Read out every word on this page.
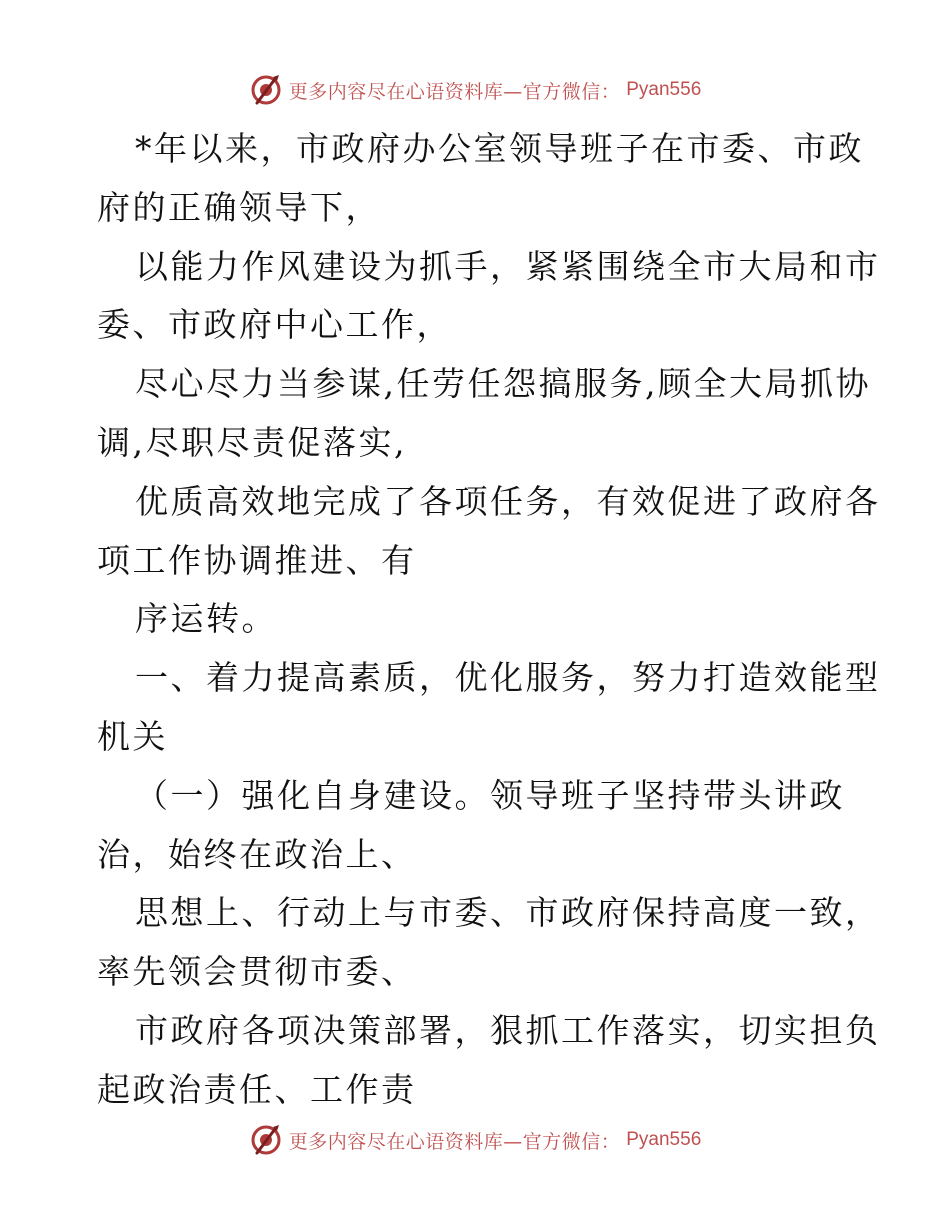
更多内容尽在心语资料库—官方微信： Pyan556
*年以来，市政府办公室领导班子在市委、市政
府的正确领导下，
以能力作风建设为抓手，紧紧围绕全市大局和市
委、市政府中心工作，
尽心尽力当参谋,任劳任怨搞服务,顾全大局抓协
调,尽职尽责促落实,
优质高效地完成了各项任务，有效促进了政府各
项工作协调推进、有
序运转。
一、着力提高素质，优化服务，努力打造效能型
机关
（一）强化自身建设。领导班子坚持带头讲政
治，始终在政治上、
思想上、行动上与市委、市政府保持高度一致，
率先领会贯彻市委、
市政府各项决策部署，狠抓工作落实，切实担负
起政治责任、工作责
更多内容尽在心语资料库—官方微信： Pyan556
